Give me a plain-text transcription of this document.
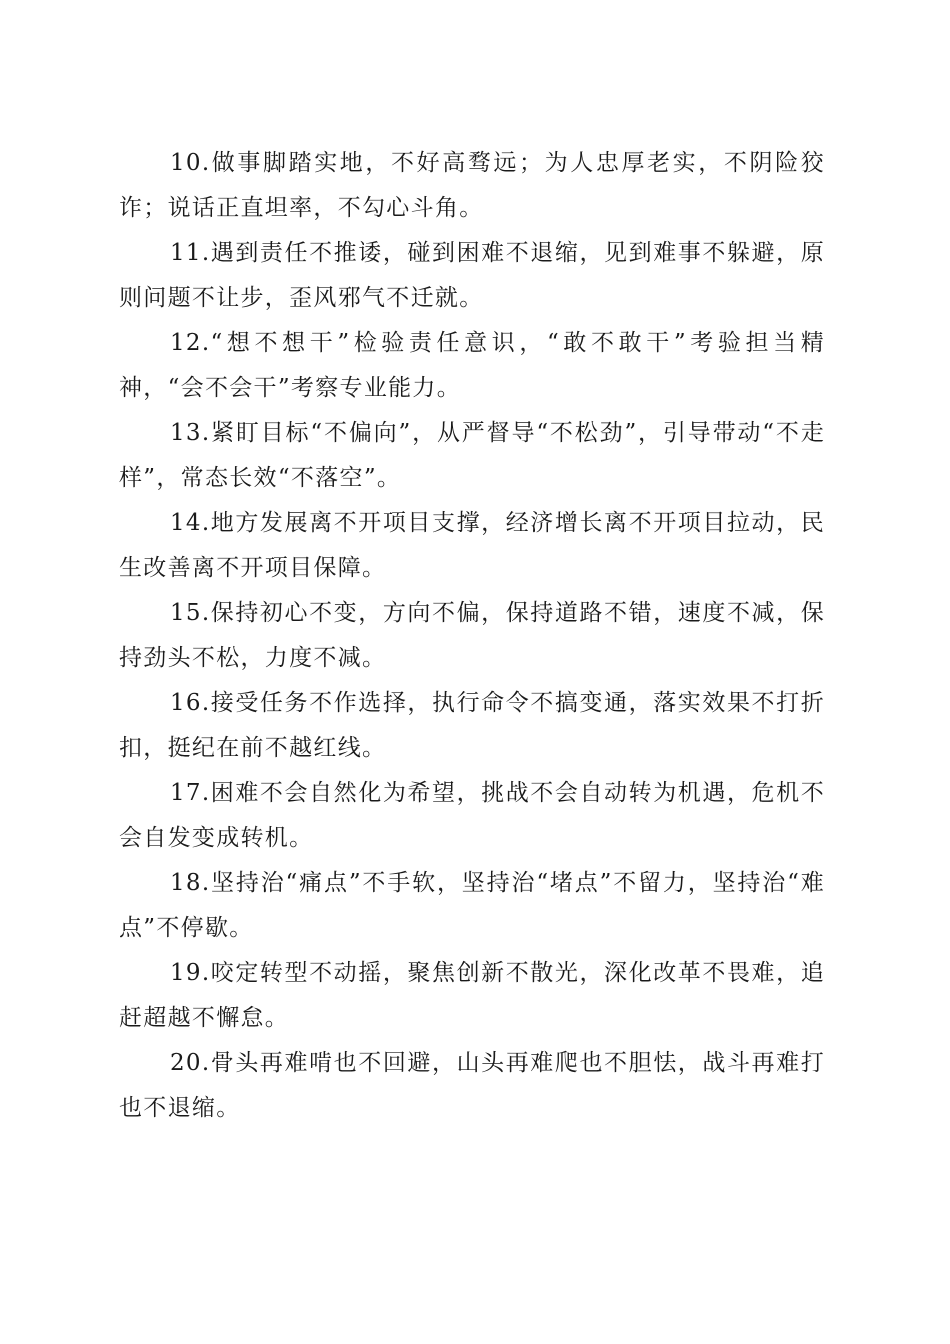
10.做事脚踏实地，不好高骛远；为人忠厚老实，不阴险狡诈；说话正直坦率，不勾心斗角。

11.遇到责任不推诿，碰到困难不退缩，见到难事不躲避，原则问题不让步，歪风邪气不迁就。

12.“想不想干”检验责任意识，“敢不敢干”考验担当精神，“会不会干”考察专业能力。

13.紧盯目标“不偏向”，从严督导“不松劲”，引导带动“不走样”，常态长效“不落空”。

14.地方发展离不开项目支撑，经济增长离不开项目拉动，民生改善离不开项目保障。

15.保持初心不变，方向不偏，保持道路不错，速度不减，保持劲头不松，力度不减。

16.接受任务不作选择，执行命令不搞变通，落实效果不打折扣，挺纪在前不越红线。

17.困难不会自然化为希望，挑战不会自动转为机遇，危机不会自发变成转机。

18.坚持治“痛点”不手软，坚持治“堵点”不留力，坚持治“难点”不停歇。

19.咬定转型不动摇，聚焦创新不散光，深化改革不畏难，追赶超越不懈怠。

20.骨头再难啃也不回避，山头再难爬也不胆怯，战斗再难打也不退缩。
